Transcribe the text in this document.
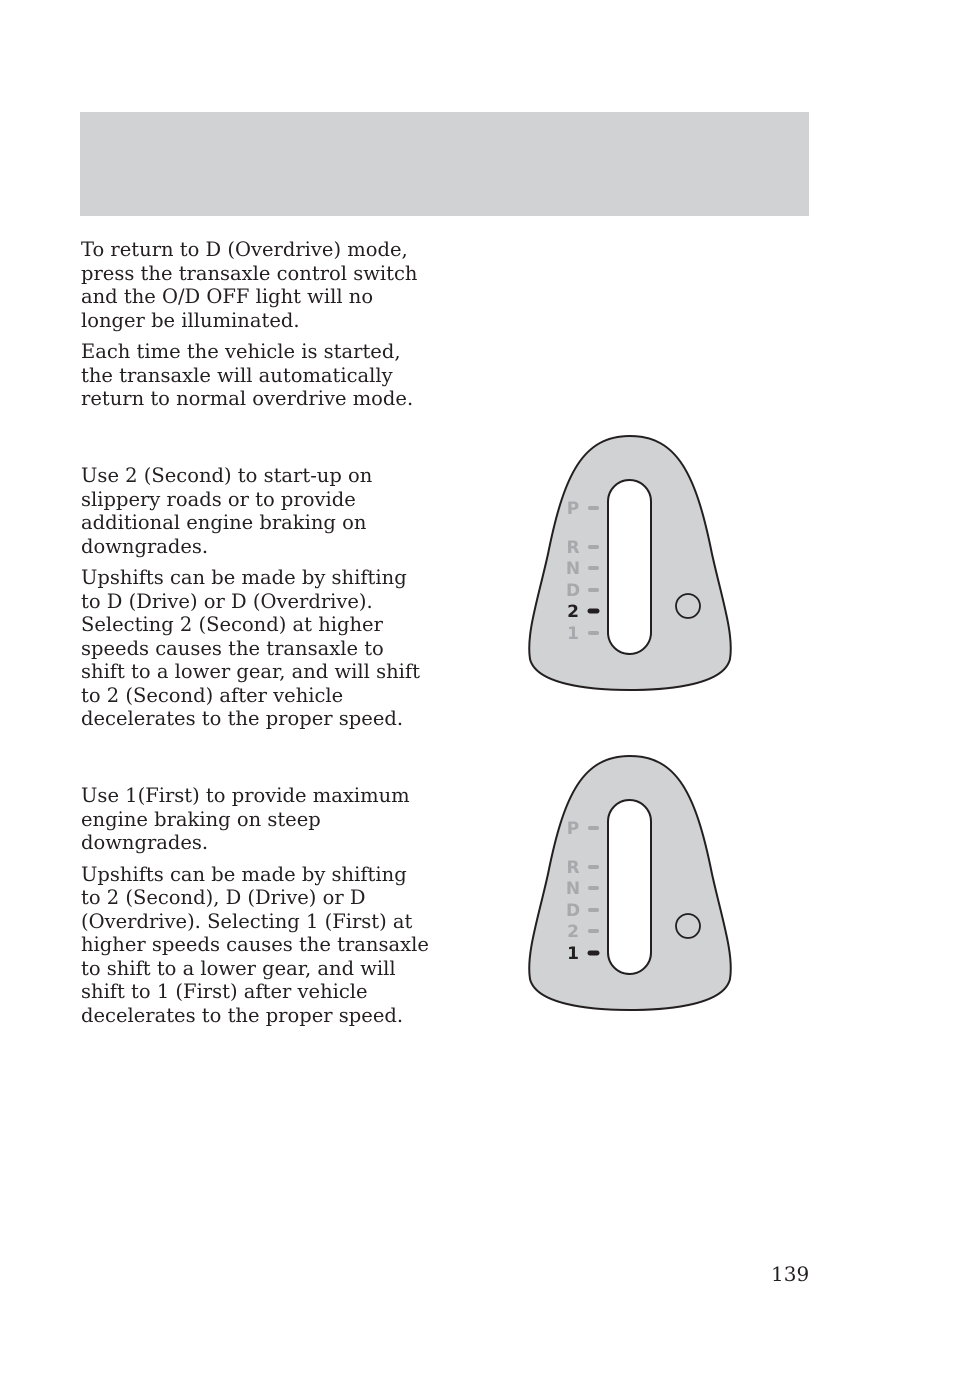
To return to D (Overdrive) mode, press the transaxle control switch and the O/D OFF light will no longer be illuminated.

Each time the vehicle is started, the transaxle will automatically return to normal overdrive mode.

Use 2 (Second) to start-up on slippery roads or to provide additional engine braking on downgrades.

Upshifts can be made by shifting to D (Drive) or D (Overdrive). Selecting 2 (Second) at higher speeds causes the transaxle to shift to a lower gear, and will shift to 2 (Second) after vehicle decelerates to the proper speed.

Use 1(First) to provide maximum engine braking on steep downgrades.

Upshifts can be made by shifting to 2 (Second), D (Drive) or D (Overdrive). Selecting 1 (First) at higher speeds causes the transaxle to shift to a lower gear, and will shift to 1 (First) after vehicle decelerates to the proper speed.

P
R
N
D
2
1
P
R
N
D
2
1
139
